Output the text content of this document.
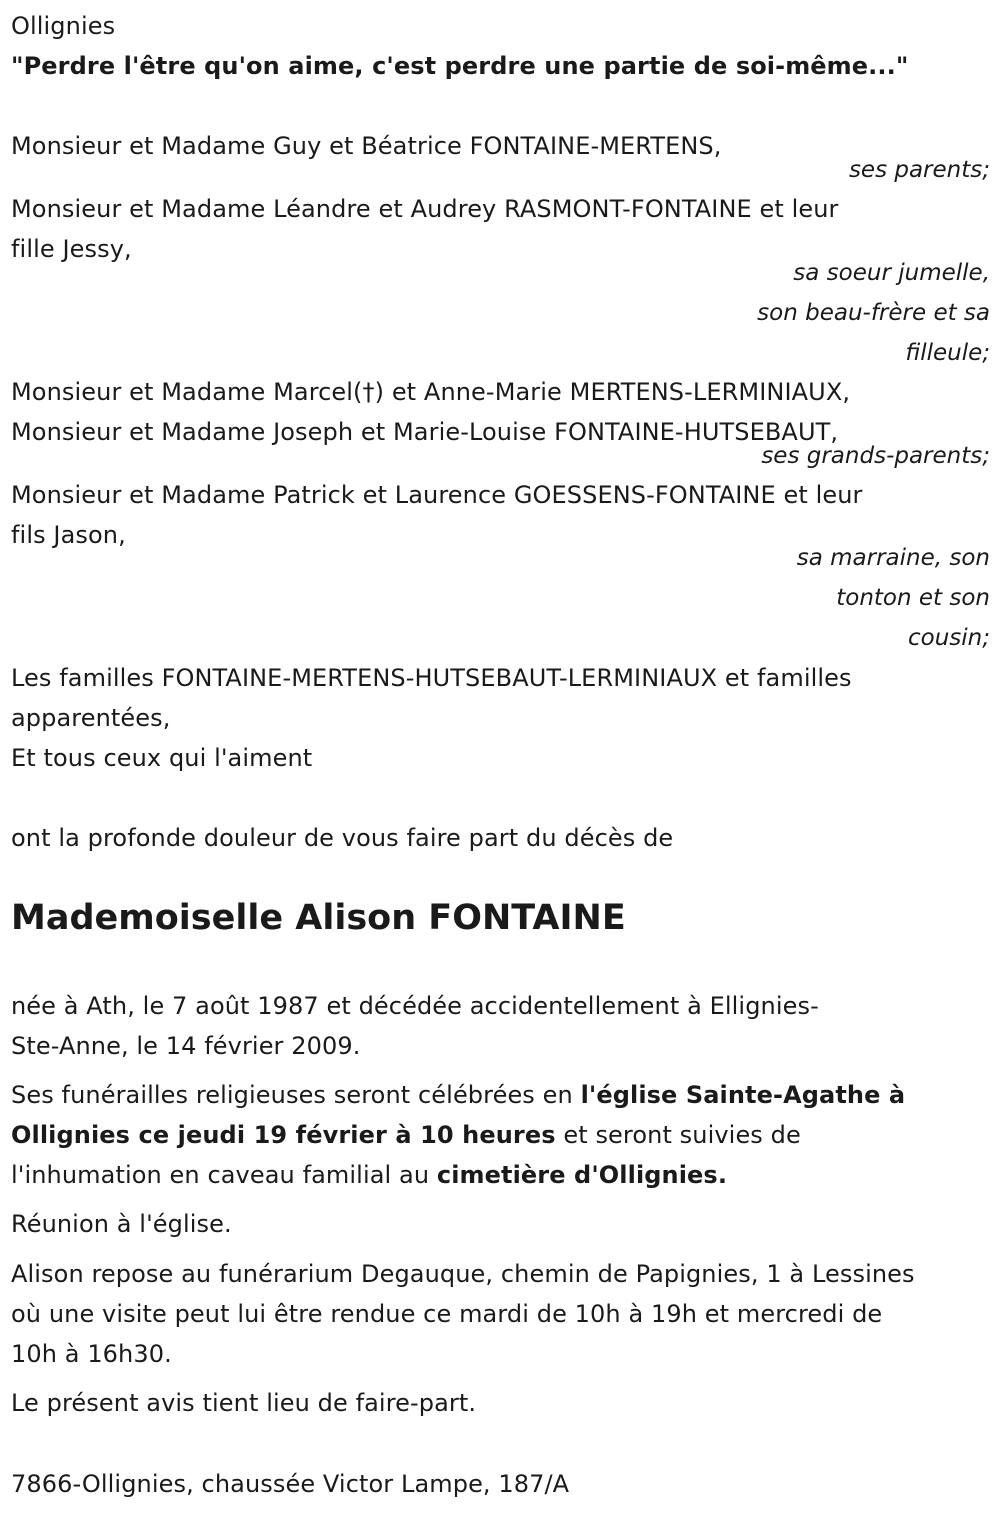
Ollignies
"Perdre l'être qu'on aime, c'est perdre une partie de soi-même..."
Monsieur et Madame Guy et Béatrice FONTAINE-MERTENS,
ses parents;
Monsieur et Madame Léandre et Audrey RASMONT-FONTAINE et leur
fille Jessy,
sa soeur jumelle,
son beau-frère et sa
filleule;
Monsieur et Madame Marcel(†) et Anne-Marie MERTENS-LERMINIAUX,
Monsieur et Madame Joseph et Marie-Louise FONTAINE-HUTSEBAUT,
ses grands-parents;
Monsieur et Madame Patrick et Laurence GOESSENS-FONTAINE et leur
fils Jason,
sa marraine, son
tonton et son
cousin;
Les familles FONTAINE-MERTENS-HUTSEBAUT-LERMINIAUX et familles
apparentées,
Et tous ceux qui l'aiment
ont la profonde douleur de vous faire part du décès de
Mademoiselle Alison FONTAINE
née à Ath, le 7 août 1987 et décédée accidentellement à Ellignies-
Ste-Anne, le 14 février 2009.
Ses funérailles religieuses seront célébrées en l'église Sainte-Agathe à
Ollignies ce jeudi 19 février à 10 heures et seront suivies de
l'inhumation en caveau familial au cimetière d'Ollignies.
Réunion à l'église.
Alison repose au funérarium Degauque, chemin de Papignies, 1 à Lessines
où une visite peut lui être rendue ce mardi de 10h à 19h et mercredi de
10h à 16h30.
Le présent avis tient lieu de faire-part.
7866-Ollignies, chaussée Victor Lampe, 187/A
